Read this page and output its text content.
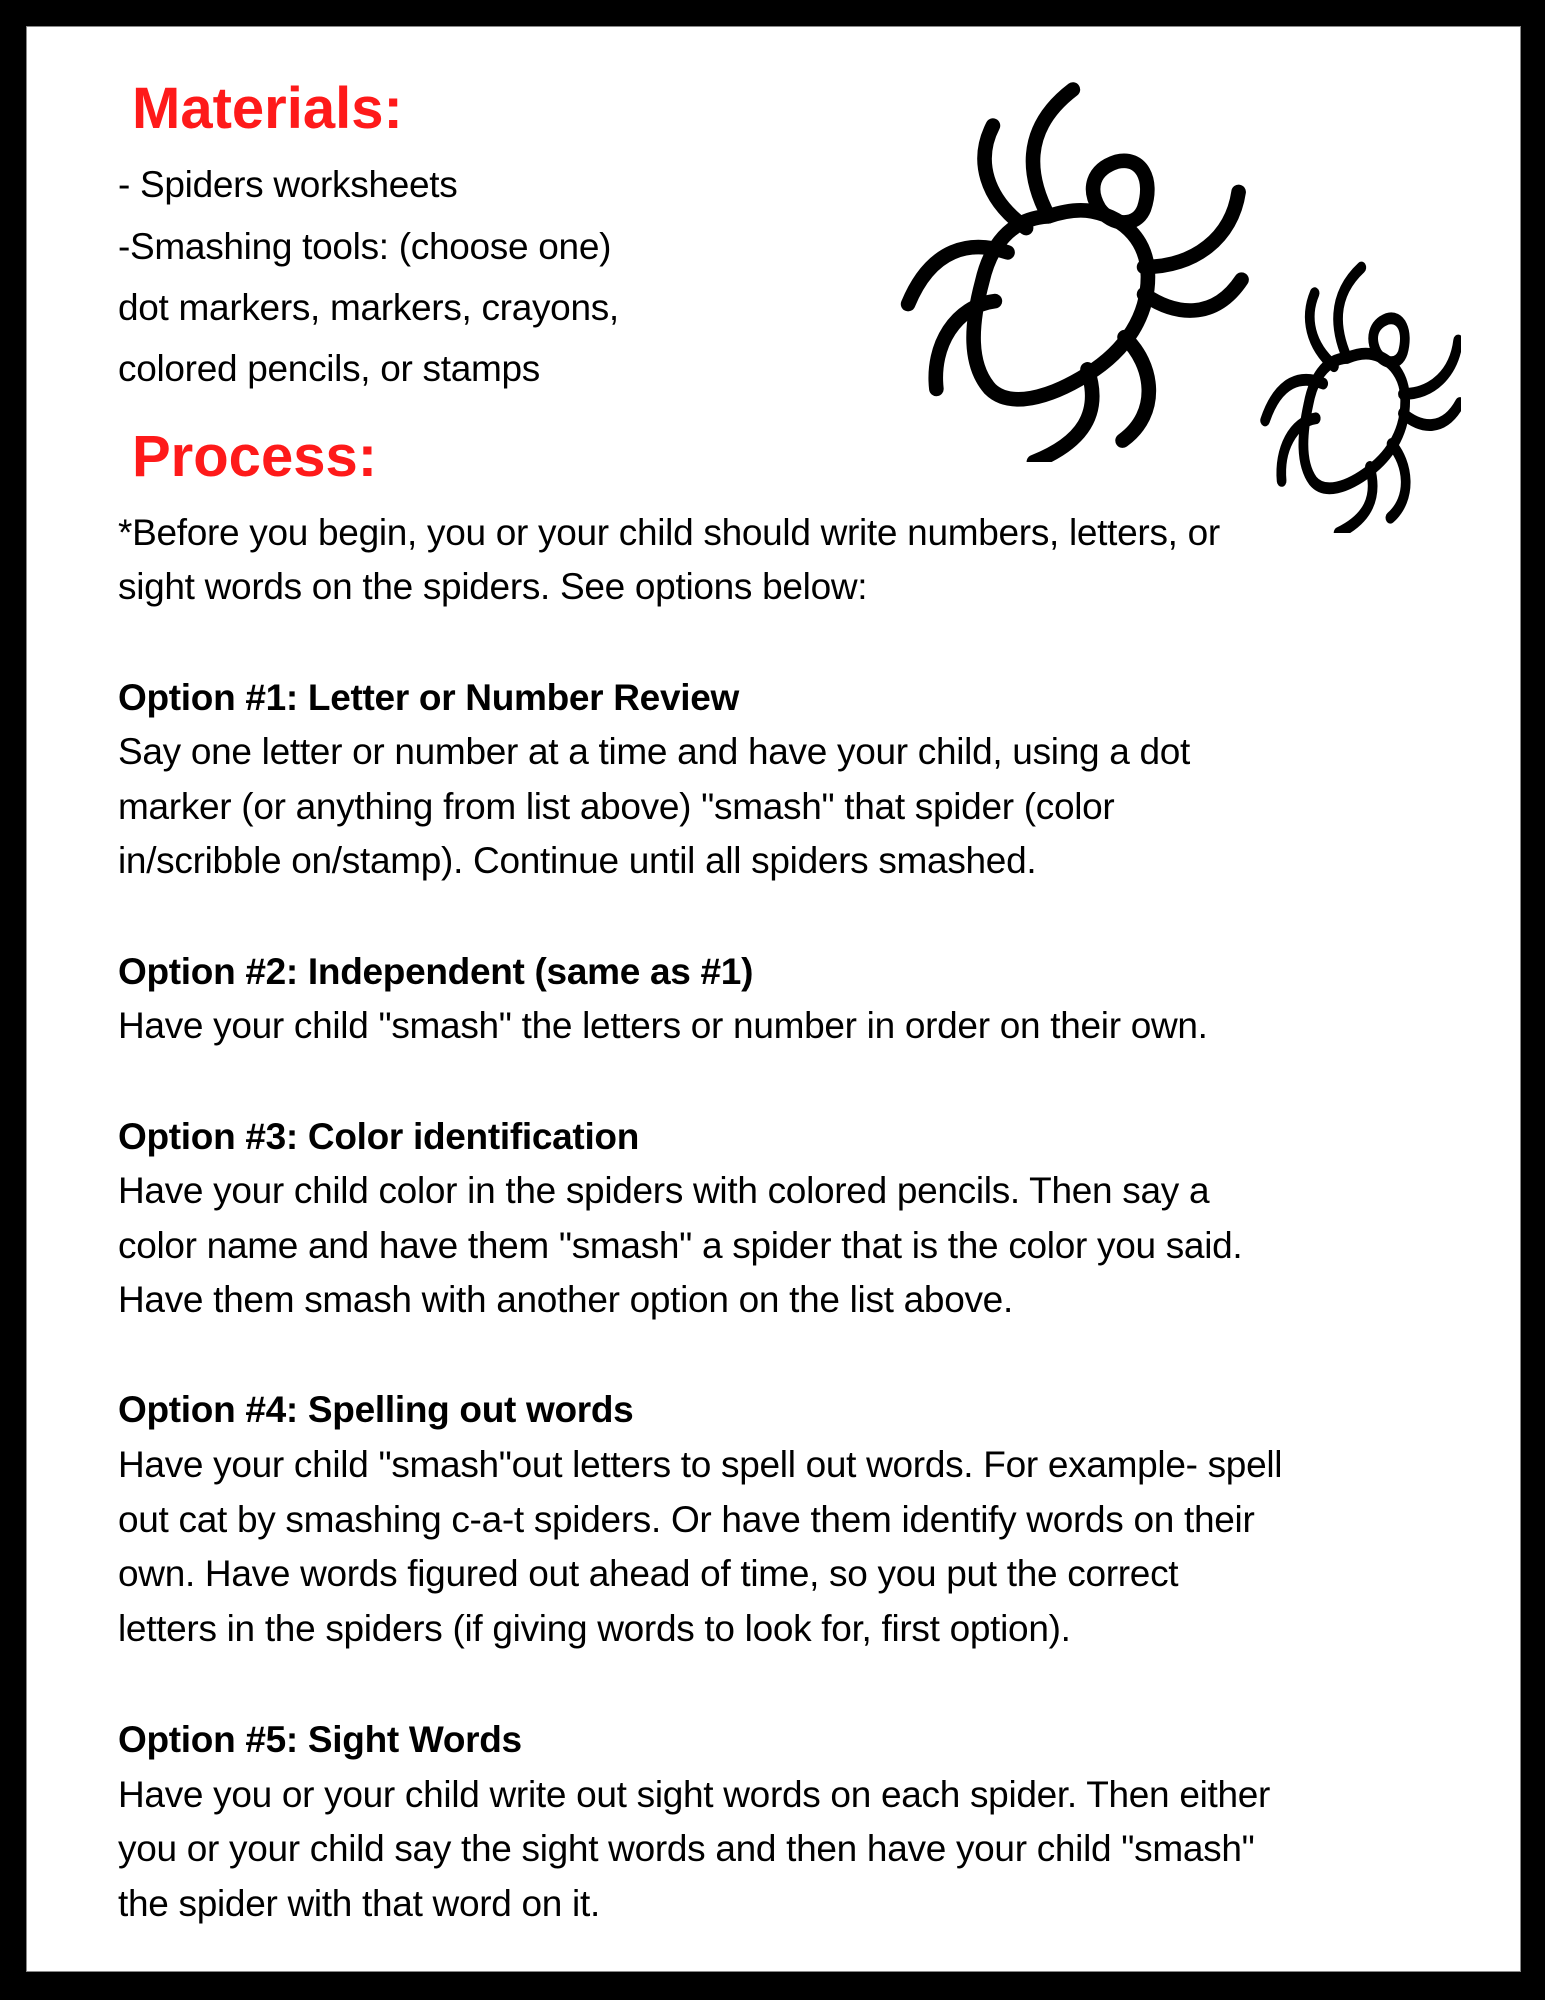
Materials:
- Spiders worksheets
-Smashing tools: (choose one)
dot markers, markers, crayons,
colored pencils, or stamps
Process:
*Before you begin, you or your child should write numbers, letters, or
sight words on the spiders. See options below:
Option #1: Letter or Number Review
Say one letter or number at a time and have your child, using a dot
marker (or anything from list above) "smash" that spider (color
in/scribble on/stamp). Continue until all spiders smashed.
Option #2: Independent (same as #1)
Have your child "smash" the letters or number in order on their own.
Option #3: Color identification
Have your child color in the spiders with colored pencils. Then say a
color name and have them "smash" a spider that is the color you said.
Have them smash with another option on the list above.
Option #4: Spelling out words
Have your child "smash"out letters to spell out words. For example- spell
out cat by smashing c-a-t spiders. Or have them identify words on their
own. Have words figured out ahead of time, so you put the correct
letters in the spiders (if giving words to look for, first option).
Option #5: Sight Words
Have you or your child write out sight words on each spider. Then either
you or your child say the sight words and then have your child "smash"
the spider with that word on it.
